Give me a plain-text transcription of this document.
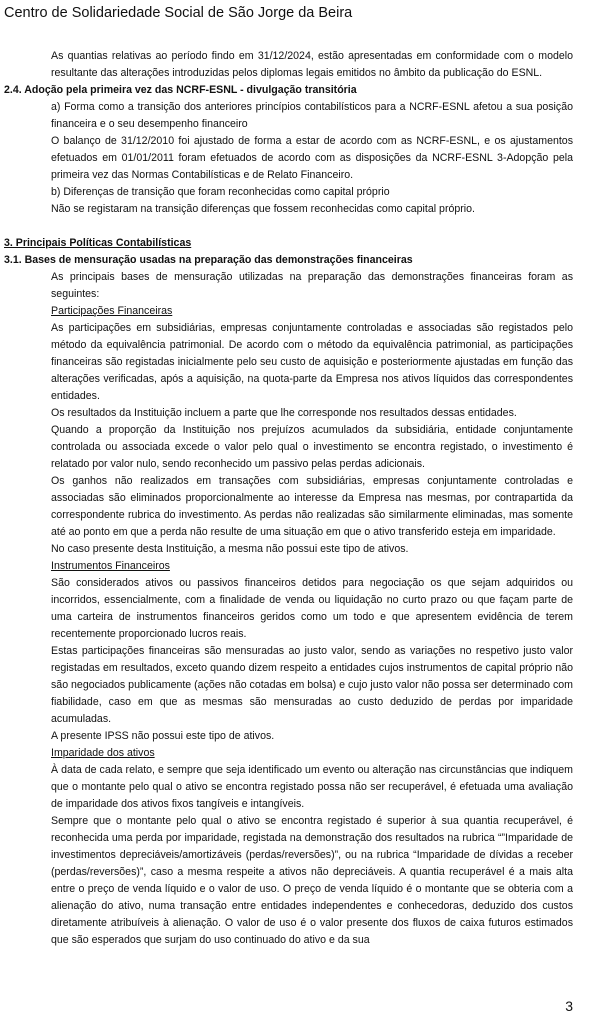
Centro de Solidariedade Social de São Jorge da Beira

As quantias relativas ao período findo em 31/12/2024, estão apresentadas em conformidade com o modelo resultante das alterações introduzidas pelos diplomas legais emitidos no âmbito da publicação do ESNL.

2.4. Adoção pela primeira vez das NCRF-ESNL - divulgação transitória

a) Forma como a transição dos anteriores princípios contabilísticos para a NCRF-ESNL afetou a sua posição financeira e o seu desempenho financeiro

O balanço de 31/12/2010 foi ajustado de forma a estar de acordo com as NCRF-ESNL, e os ajustamentos efetuados em 01/01/2011 foram efetuados de acordo com as disposições da NCRF-ESNL 3-Adopção pela primeira vez das Normas Contabilísticas e de Relato Financeiro.

b) Diferenças de transição que foram reconhecidas como capital próprio

Não se registaram na transição diferenças que fossem reconhecidas como capital próprio.

3. Principais Políticas Contabilísticas
3.1. Bases de mensuração usadas na preparação das demonstrações financeiras

As principais bases de mensuração utilizadas na preparação das demonstrações financeiras foram as seguintes:

Participações Financeiras

As participações em subsidiárias, empresas conjuntamente controladas e associadas são registados pelo método da equivalência patrimonial. De acordo com o método da equivalência patrimonial, as participações financeiras são registadas inicialmente pelo seu custo de aquisição e posteriormente ajustadas em função das alterações verificadas, após a aquisição, na quota-parte da Empresa nos ativos líquidos das correspondentes entidades.

Os resultados da Instituição incluem a parte que lhe corresponde nos resultados dessas entidades.

Quando a proporção da Instituição nos prejuízos acumulados da subsidiária, entidade conjuntamente controlada ou associada excede o valor pelo qual o investimento se encontra registado, o investimento é relatado por valor nulo, sendo reconhecido um passivo pelas perdas adicionais.

Os ganhos não realizados em transações com subsidiárias, empresas conjuntamente controladas e associadas são eliminados proporcionalmente ao interesse da Empresa nas mesmas, por contrapartida da correspondente rubrica do investimento. As perdas não realizadas são similarmente eliminadas, mas somente até ao ponto em que a perda não resulte de uma situação em que o ativo transferido esteja em imparidade.

No caso presente desta Instituição, a mesma não possui este tipo de ativos.

Instrumentos Financeiros

São considerados ativos ou passivos financeiros detidos para negociação os que sejam adquiridos ou incorridos, essencialmente, com a finalidade de venda ou liquidação no curto prazo ou que façam parte de uma carteira de instrumentos financeiros geridos como um todo e que apresentem evidência de terem recentemente proporcionado lucros reais.

Estas participações financeiras são mensuradas ao justo valor, sendo as variações no respetivo justo valor registadas em resultados, exceto quando dizem respeito a entidades cujos instrumentos de capital próprio não são negociados publicamente (ações não cotadas em bolsa) e cujo justo valor não possa ser determinado com fiabilidade, caso em que as mesmas são mensuradas ao custo deduzido de perdas por imparidade acumuladas.

A presente IPSS não possui este tipo de ativos.

Imparidade dos ativos

À data de cada relato, e sempre que seja identificado um evento ou alteração nas circunstâncias que indiquem que o montante pelo qual o ativo se encontra registado possa não ser recuperável, é efetuada uma avaliação de imparidade dos ativos fixos tangíveis e intangíveis.

Sempre que o montante pelo qual o ativo se encontra registado é superior à sua quantia recuperável, é reconhecida uma perda por imparidade, registada na demonstração dos resultados na rubrica “”Imparidade de investimentos depreciáveis/amortizáveis (perdas/reversões)”, ou na rubrica “Imparidade de dívidas a receber (perdas/reversões)”, caso a mesma respeite a ativos não depreciáveis. A quantia recuperável é a mais alta entre o preço de venda líquido e o valor de uso. O preço de venda líquido é o montante que se obteria com a alienação do ativo, numa transação entre entidades independentes e conhecedoras, deduzido dos custos diretamente atribuíveis à alienação. O valor de uso é o valor presente dos fluxos de caixa futuros estimados que são esperados que surjam do uso continuado do ativo e da sua

3
